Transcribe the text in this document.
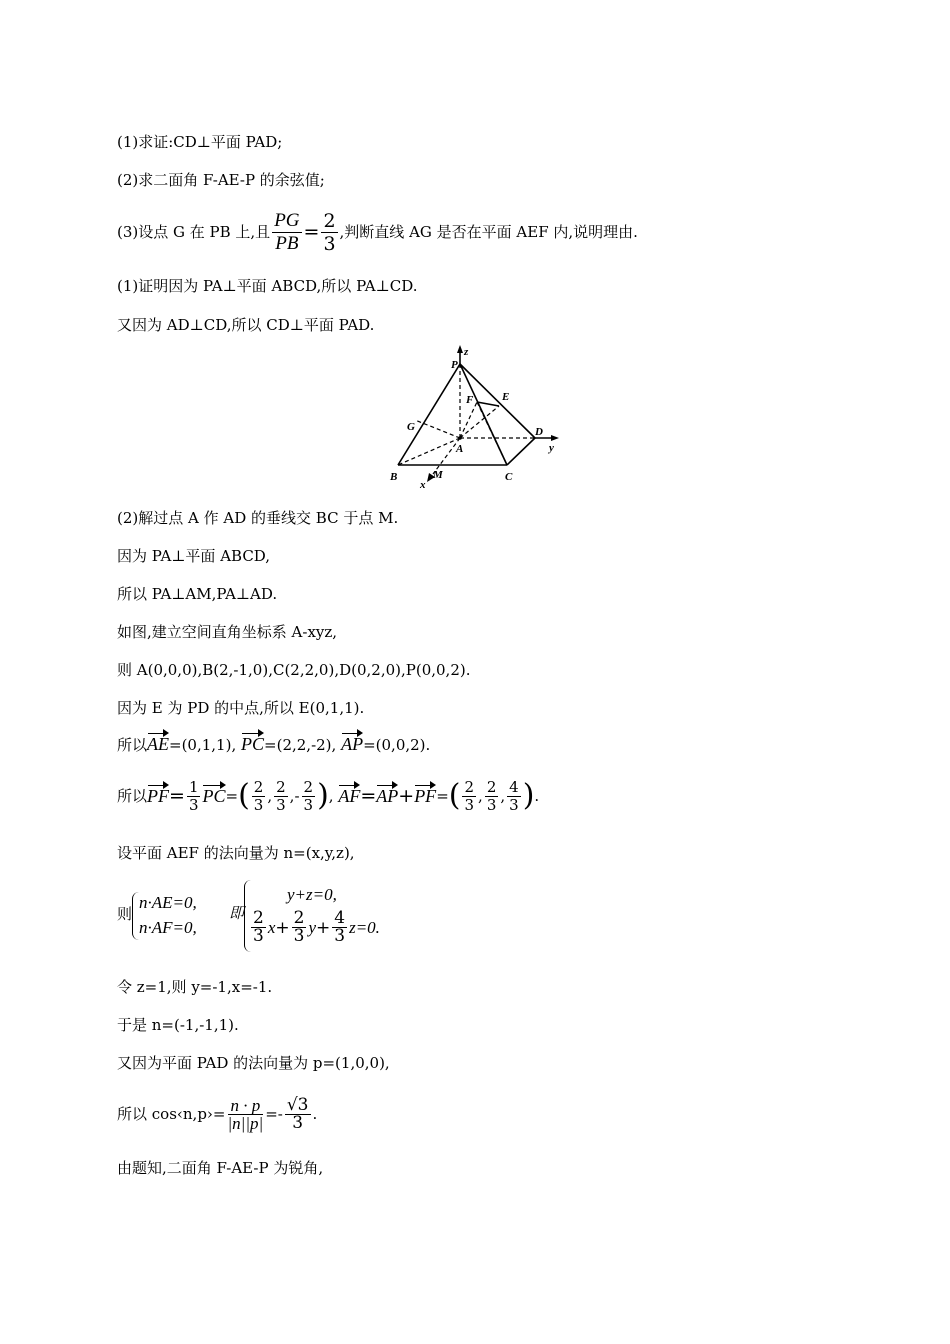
(1)求证:CD⊥平面 PAD;
(2)求二面角 F-AE-P 的余弦值;
(3)设点 G 在 PB 上,且 $\frac{PG}{PB} = \frac{2}{3}$ ,判断直线 AG 是否在平面 AEF 内,说明理由.
(1)证明因为 PA⊥平面 ABCD,所以 PA⊥CD.
又因为 AD⊥CD,所以 CD⊥平面 PAD.
P
z
E
F
G
A
D
y
B	M	C
x
(2)解过点 A 作 AD 的垂线交 BC 于点 M.
因为 PA⊥平面 ABCD,
所以 PA⊥AM,PA⊥AD.
如图,建立空间直角坐标系 A-xyz,
则 A(0,0,0),B(2,-1,0),C(2,2,0),D(0,2,0),P(0,0,2).
因为 E 为 PD 的中点,所以 E(0,1,1).
所以AE=(0,1,1), PC=(2,2,-2), AP=(0,0,2).
所以 PF = $\frac{1}{3}$ PC = ( $\frac{2}{3}$ , $\frac{2}{3}$ , - $\frac{2}{3}$ ) , AF = AP + PF = ( $\frac{2}{3}$ , $\frac{2}{3}$ , $\frac{4}{3}$ ) .
设平面 AEF 的法向量为 n=(x,y,z),
则
n·AE=0,
n·AF=0,
即
y+z=0,
$\frac{2}{3}$ $x + \frac{2}{3}$ $y + \frac{4}{3} z=0$.
令 z=1,则 y=-1,x=-1.
于是 n=(-1,-1,1).
又因为平面 PAD 的法向量为 p=(1,0,0),
所以 cos‹n,p›= $\frac{n \cdot p}{|n||p|} =- \frac{√3}{3}$ .
由题知,二面角 F-AE-P 为锐角,
